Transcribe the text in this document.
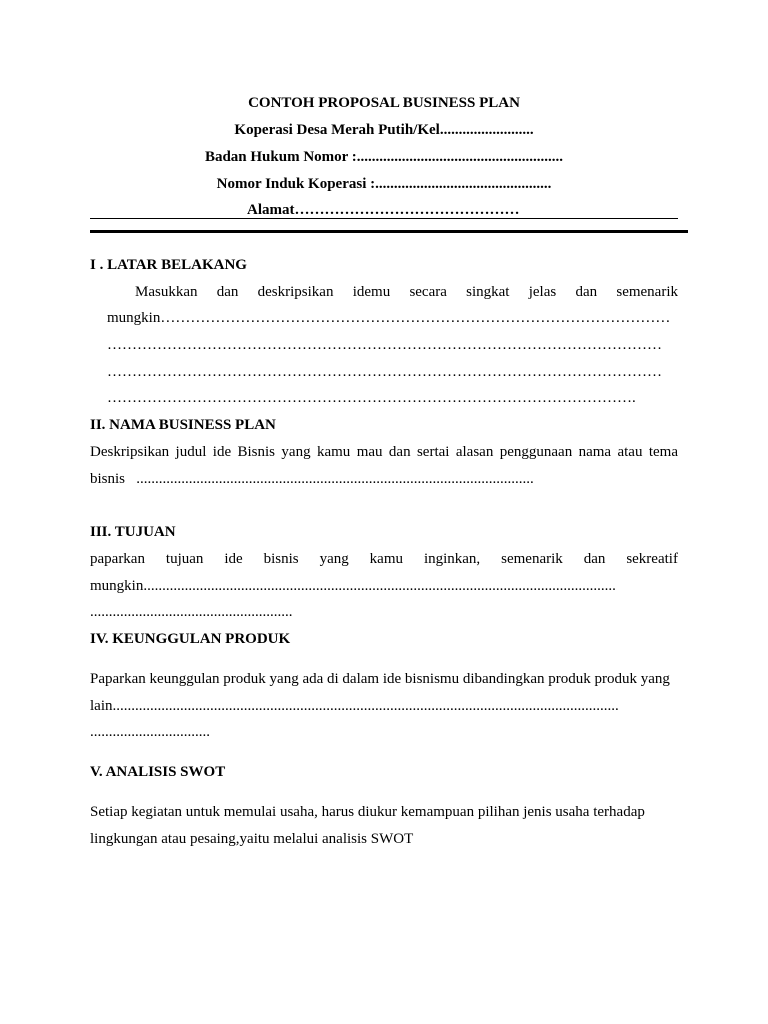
CONTOH PROPOSAL BUSINESS PLAN
Koperasi Desa Merah Putih/Kel.........................
Badan Hukum Nomor :.......................................................
Nomor Induk Koperasi :...............................................
Alamat………………………………………
I . LATAR BELAKANG
Masukkan dan deskripsikan idemu secara singkat jelas dan semenarik
mungkin…………………………………………………………………………………………
…………………………………………………………………………………………………
…………………………………………………………………………………………………
…………………………………………………………………………………………….
II. NAMA BUSINESS PLAN
Deskripsikan judul ide Bisnis yang kamu mau dan sertai alasan penggunaan nama atau tema
bisnis   ..........................................................................................................
III. TUJUAN
paparkan tujuan ide bisnis yang kamu inginkan, semenarik dan sekreatif
mungkin..............................................................................................................................
......................................................
IV. KEUNGGULAN PRODUK
Paparkan keunggulan produk yang ada di dalam ide bisnismu dibandingkan produk produk yang
lain.......................................................................................................................................
................................
V. ANALISIS SWOT
Setiap kegiatan untuk memulai usaha, harus diukur kemampuan pilihan jenis usaha terhadap
lingkungan atau pesaing,yaitu melalui analisis SWOT
